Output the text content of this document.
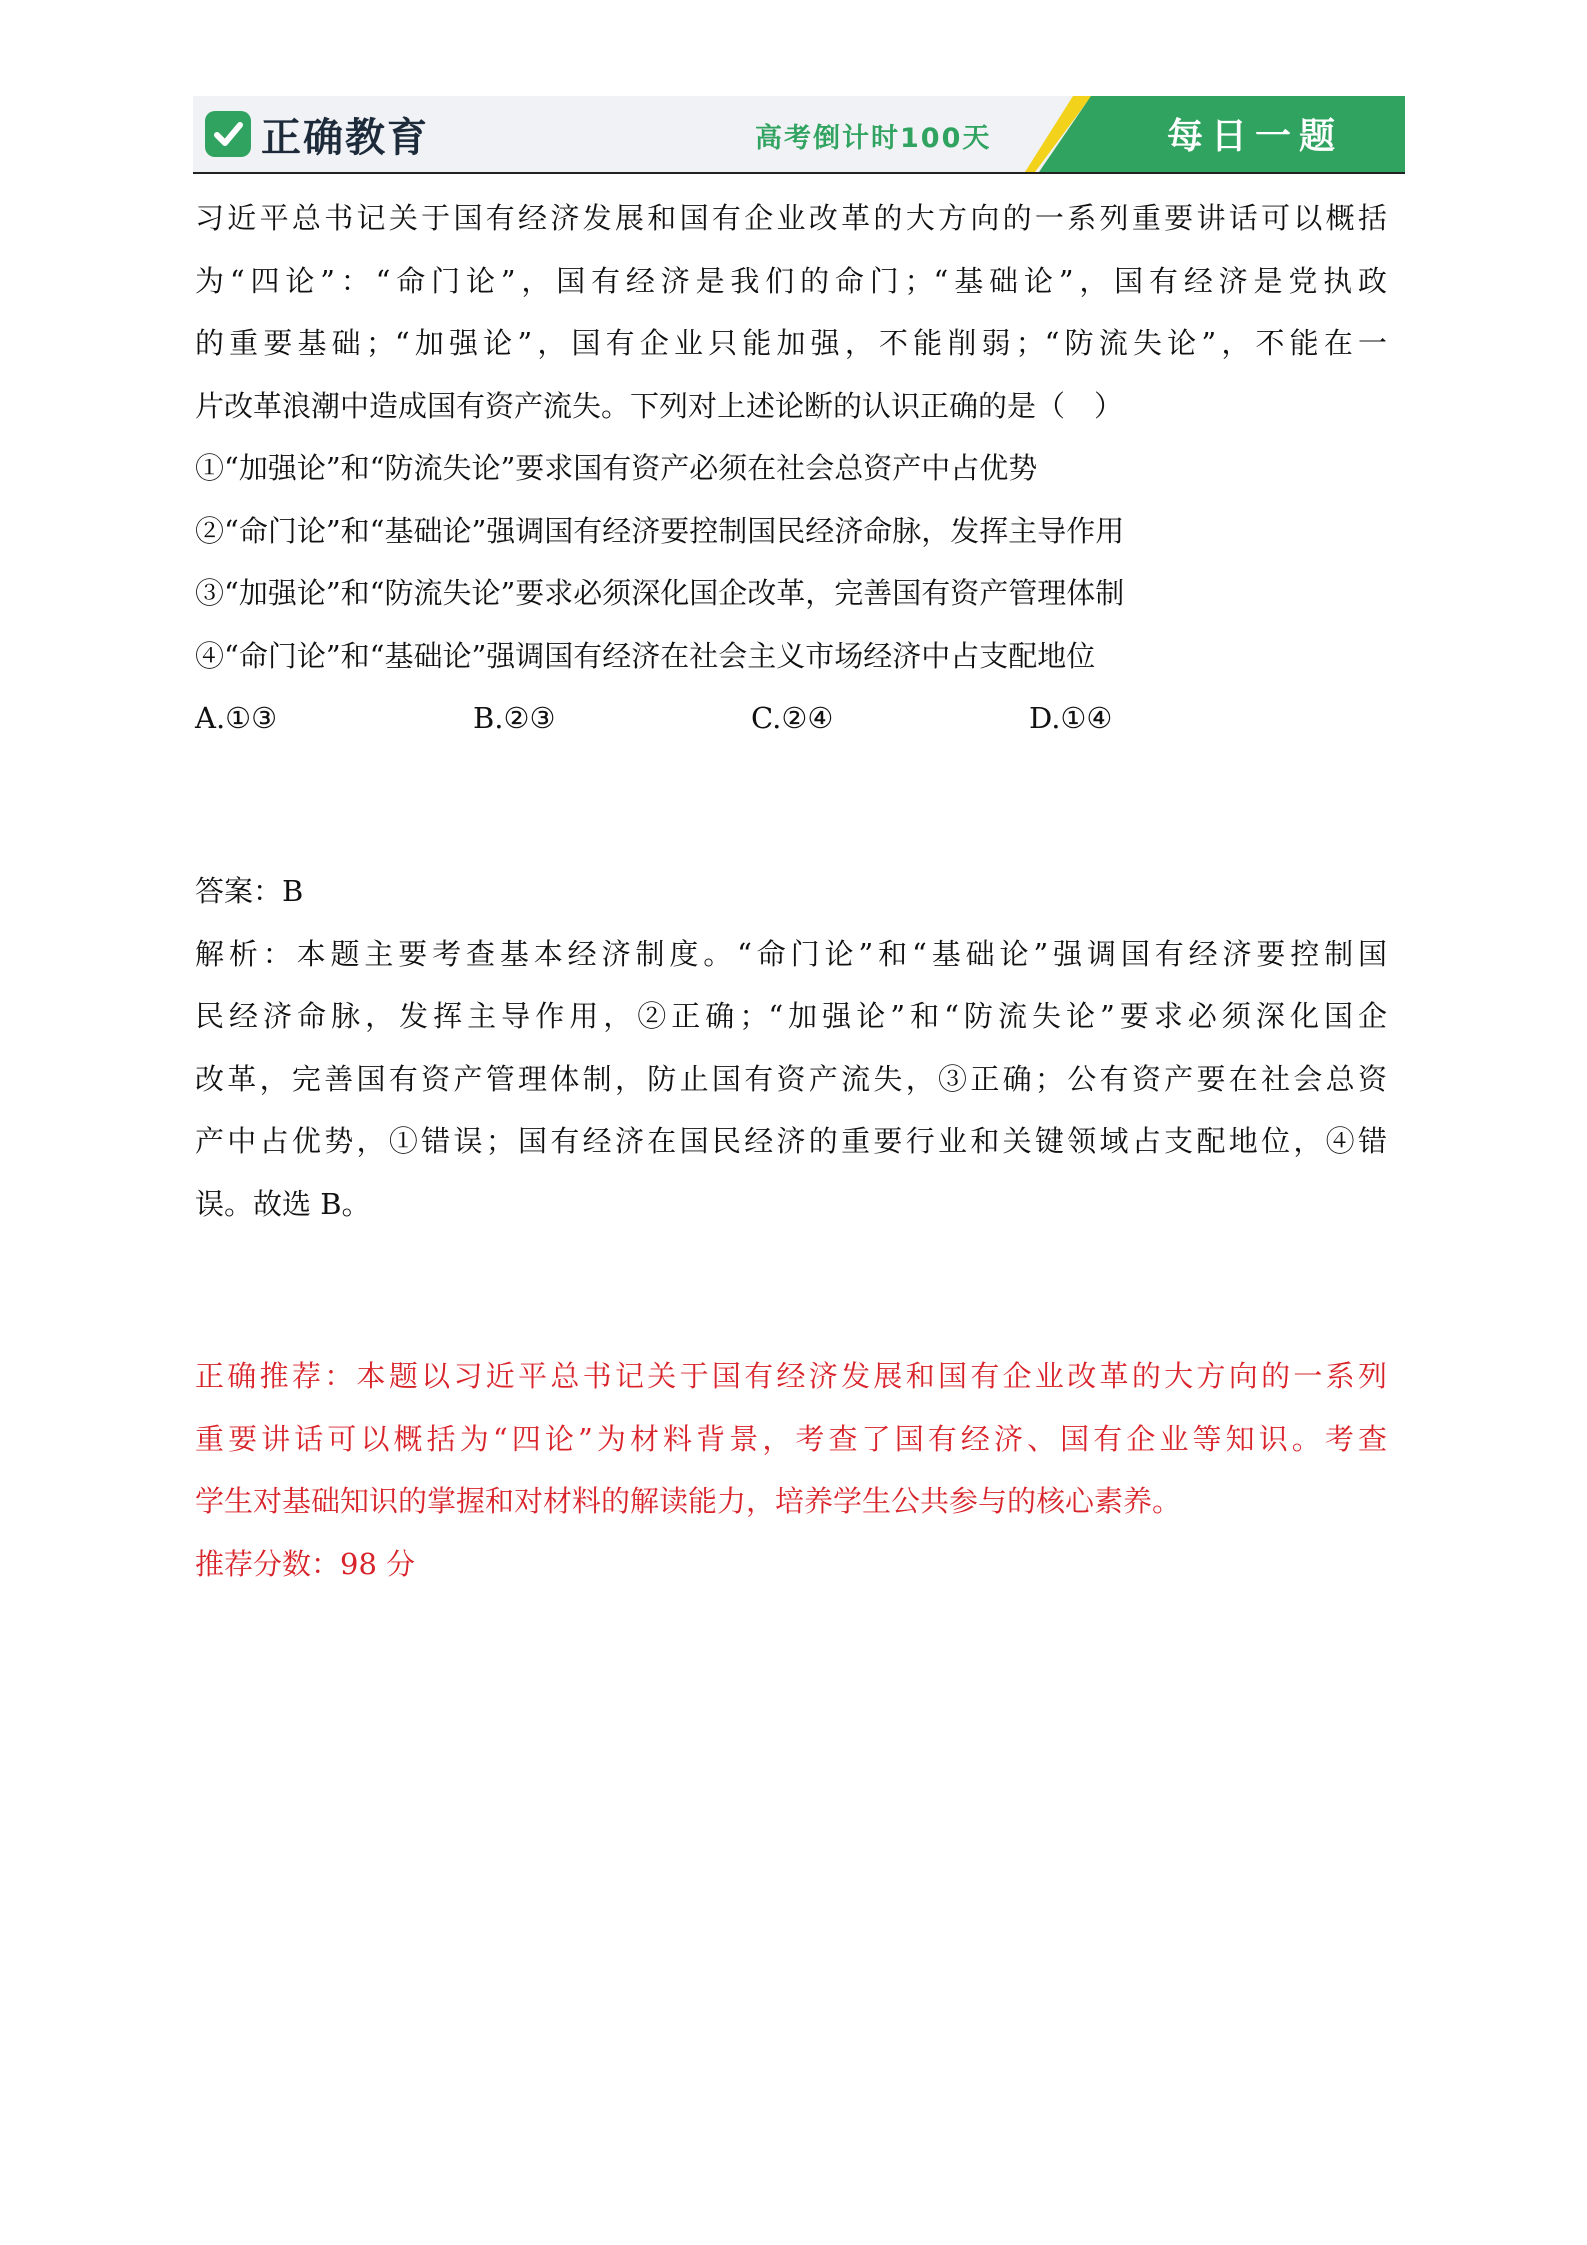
正确教育	高考倒计时100天	每日一题
习近平总书记关于国有经济发展和国有企业改革的大方向的一系列重要讲话可以概括
为“四论”：“命门论”，国有经济是我们的命门；“基础论”，国有经济是党执政
的重要基础；“加强论”，国有企业只能加强，不能削弱；“防流失论”，不能在一
片改革浪潮中造成国有资产流失。下列对上述论断的认识正确的是（　）
①“加强论”和“防流失论”要求国有资产必须在社会总资产中占优势
②“命门论”和“基础论”强调国有经济要控制国民经济命脉，发挥主导作用
③“加强论”和“防流失论”要求必须深化国企改革，完善国有资产管理体制
④“命门论”和“基础论”强调国有经济在社会主义市场经济中占支配地位
A.①③	B.②③	C.②④	D.①④
答案：B
解析：本题主要考查基本经济制度。“命门论”和“基础论”强调国有经济要控制国
民经济命脉，发挥主导作用，②正确；“加强论”和“防流失论”要求必须深化国企
改革，完善国有资产管理体制，防止国有资产流失，③正确；公有资产要在社会总资
产中占优势，①错误；国有经济在国民经济的重要行业和关键领域占支配地位，④错
误。故选 B。
正确推荐：本题以习近平总书记关于国有经济发展和国有企业改革的大方向的一系列
重要讲话可以概括为“四论”为材料背景，考查了国有经济、国有企业等知识。考查
学生对基础知识的掌握和对材料的解读能力，培养学生公共参与的核心素养。
推荐分数：98 分
